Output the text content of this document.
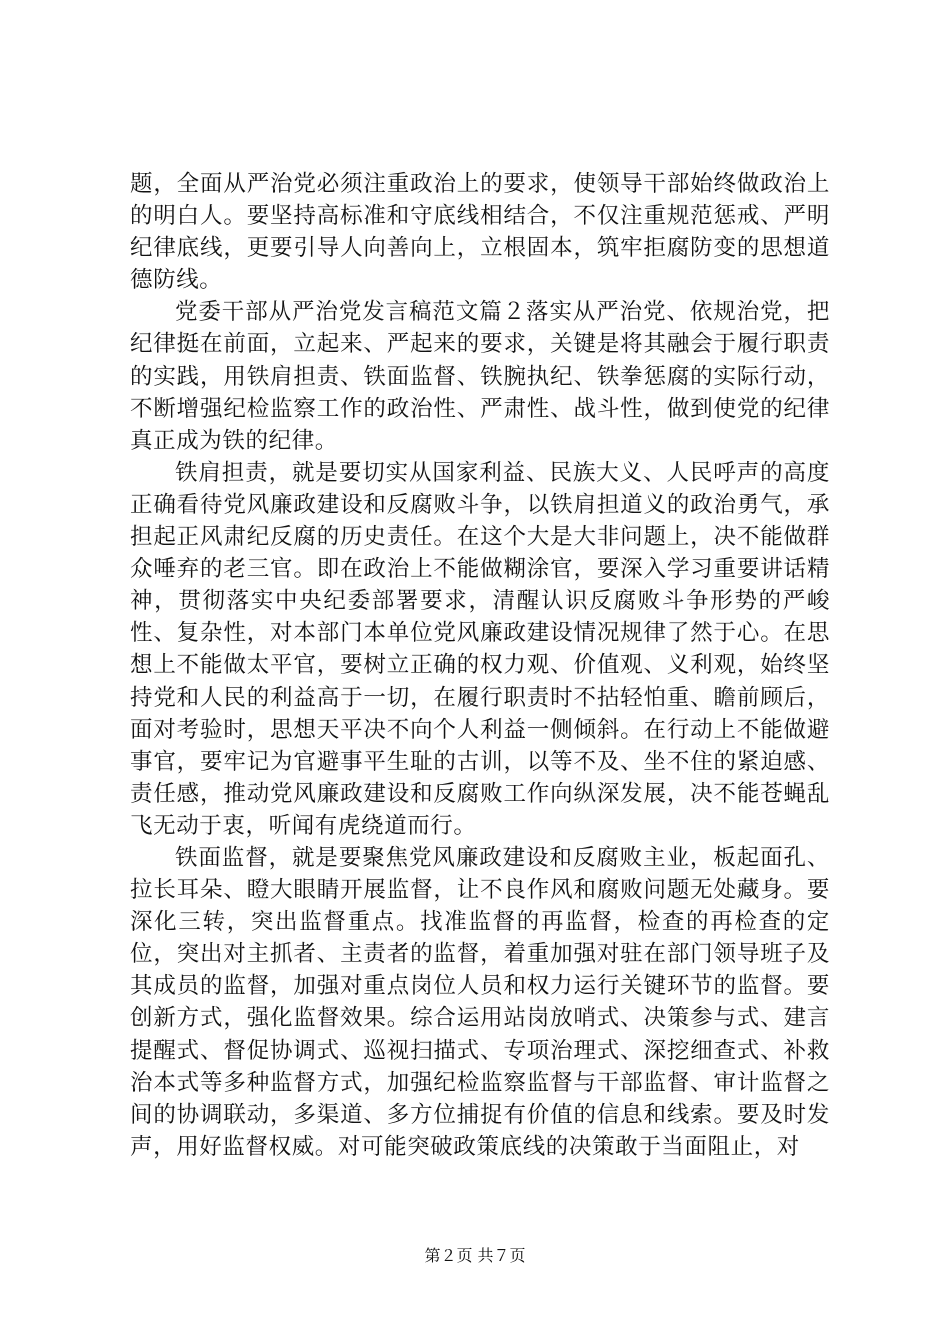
题，全面从严治党必须注重政治上的要求，使领导干部始终做政治上的明白人。要坚持高标准和守底线相结合，不仅注重规范惩戒、严明纪律底线，更要引导人向善向上，立根固本，筑牢拒腐防变的思想道德防线。

党委干部从严治党发言稿范文篇２落实从严治党、依规治党，把纪律挺在前面，立起来、严起来的要求，关键是将其融会于履行职责的实践，用铁肩担责、铁面监督、铁腕执纪、铁拳惩腐的实际行动，不断增强纪检监察工作的政治性、严肃性、战斗性，做到使党的纪律真正成为铁的纪律。

铁肩担责，就是要切实从国家利益、民族大义、人民呼声的高度正确看待党风廉政建设和反腐败斗争，以铁肩担道义的政治勇气，承担起正风肃纪反腐的历史责任。在这个大是大非问题上，决不能做群众唾弃的老三官。即在政治上不能做糊涂官，要深入学习重要讲话精神，贯彻落实中央纪委部署要求，清醒认识反腐败斗争形势的严峻性、复杂性，对本部门本单位党风廉政建设情况规律了然于心。在思想上不能做太平官，要树立正确的权力观、价值观、义利观，始终坚持党和人民的利益高于一切，在履行职责时不拈轻怕重、瞻前顾后，面对考验时，思想天平决不向个人利益一侧倾斜。在行动上不能做避事官，要牢记为官避事平生耻的古训，以等不及、坐不住的紧迫感、责任感，推动党风廉政建设和反腐败工作向纵深发展，决不能苍蝇乱飞无动于衷，听闻有虎绕道而行。

铁面监督，就是要聚焦党风廉政建设和反腐败主业，板起面孔、拉长耳朵、瞪大眼睛开展监督，让不良作风和腐败问题无处藏身。要深化三转，突出监督重点。找准监督的再监督，检查的再检查的定位，突出对主抓者、主责者的监督，着重加强对驻在部门领导班子及其成员的监督，加强对重点岗位人员和权力运行关键环节的监督。要创新方式，强化监督效果。综合运用站岗放哨式、决策参与式、建言提醒式、督促协调式、巡视扫描式、专项治理式、深挖细查式、补救治本式等多种监督方式，加强纪检监察监督与干部监督、审计监督之间的协调联动，多渠道、多方位捕捉有价值的信息和线索。要及时发声，用好监督权威。对可能突破政策底线的决策敢于当面阻止，对

第２页 共７页
